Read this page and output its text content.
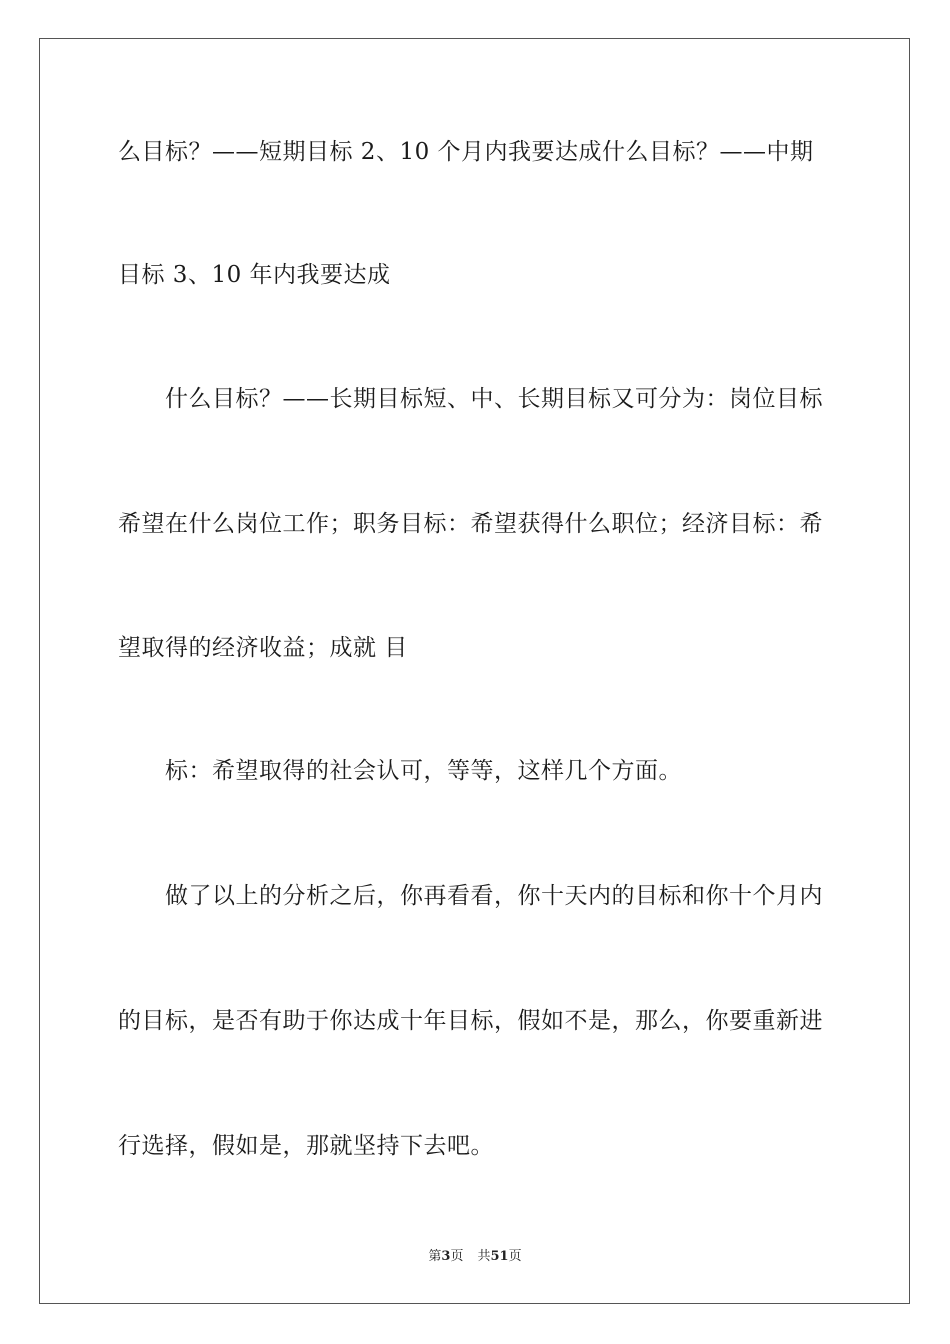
么目标？——短期目标 2、10 个月内我要达成什么目标？——中期
目标 3、10 年内我要达成
什么目标？——长期目标短、中、长期目标又可分为：岗位目标
希望在什么岗位工作；职务目标：希望获得什么职位；经济目标：希
望取得的经济收益；成就 目
标：希望取得的社会认可，等等，这样几个方面。
做了以上的分析之后，你再看看，你十天内的目标和你十个月内
的目标，是否有助于你达成十年目标，假如不是，那么，你要重新进
行选择，假如是，那就坚持下去吧。
第3页 共51页
